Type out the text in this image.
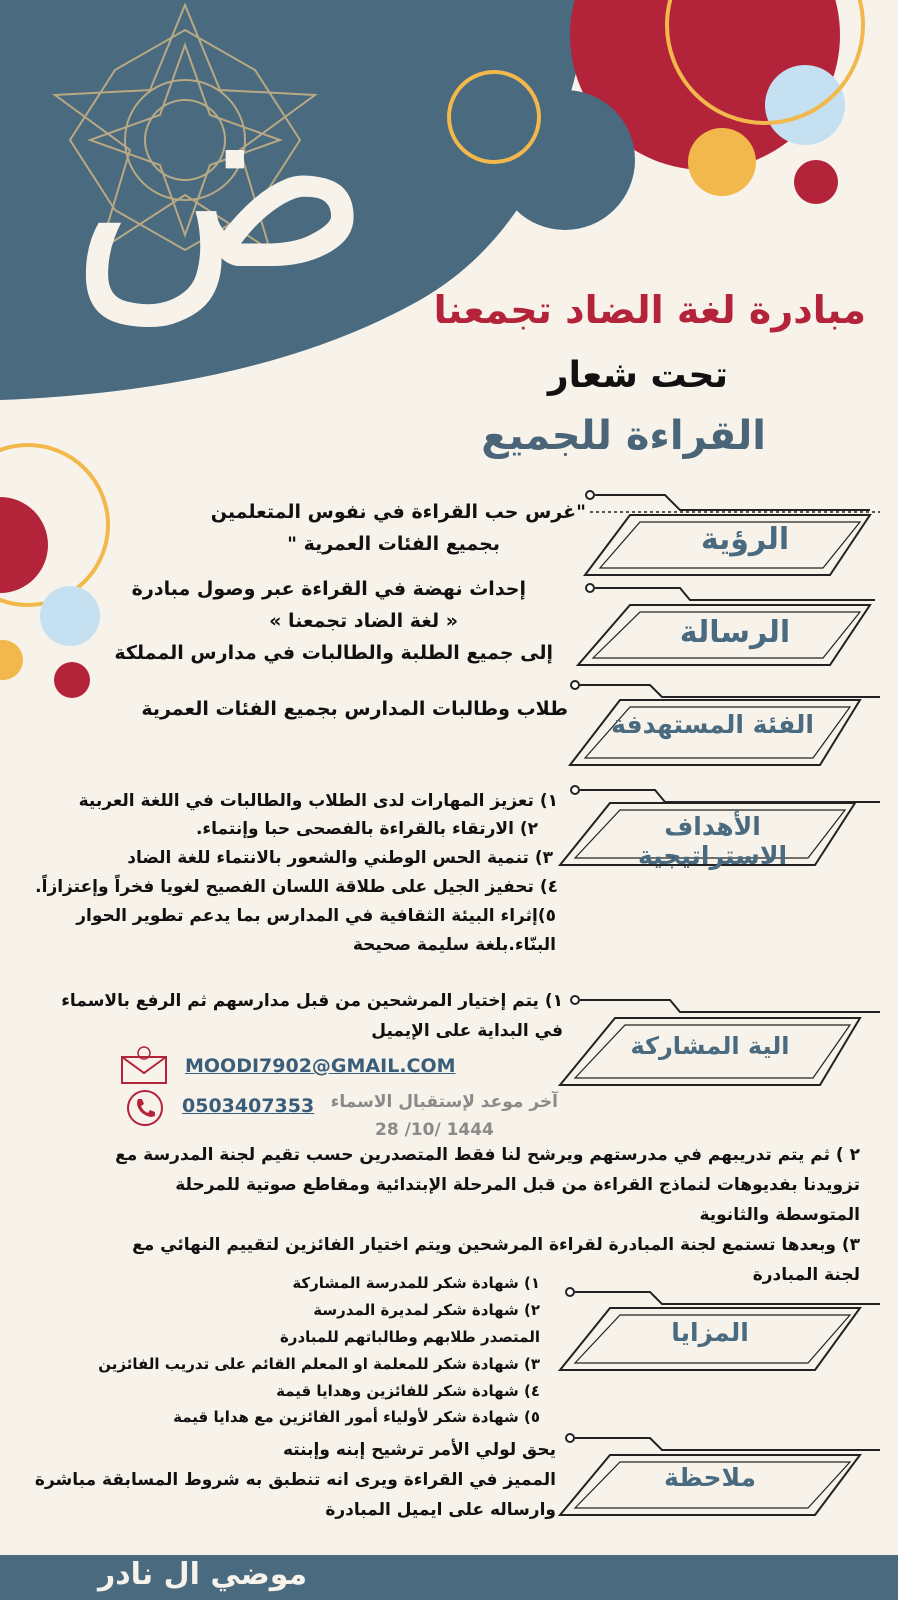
ض مبادرة لغة الضاد تجمعنا
تحت شعار
القراءة للجميع
الرؤية
الرسالة
الفئة المستهدفة
الأهداف الاستراتيجية
الية المشاركة
المزايا
ملاحظة
"غرس حب القراءة في نفوس المتعلمين
بجميع الفئات العمرية "
إحداث نهضة في القراءة عبر وصول مبادرة
« لغة الضاد تجمعنا »
إلى جميع الطلبة والطالبات في مدارس المملكة
طلاب وطالبات المدارس بجميع الفئات العمرية
١) تعزيز المهارات لدى الطلاب والطالبات في اللغة العربية
٢) الارتقاء بالقراءة بالفصحى حبا وإنتماء.
٣) تنمية الحس الوطني والشعور بالانتماء للغة الضاد
٤) تحفيز الجيل على طلاقة اللسان الفصيح لغويا فخراً وإعتزازاً.
٥)إثراء البيئة الثقافية في المدارس بما يدعم تطوير الحوار
البنّاء.بلغة سليمة صحيحة
١) يتم إختيار المرشحين من قبل مدارسهم ثم الرفع بالاسماء
في البداية على الإيميل
MOODI7902@GMAIL.COM
0503407353 آخر موعد لإستقبال الاسماء
28 /10/ 1444
٢ ) ثم يتم تدريبهم في مدرستهم ويرشح لنا فقط المتصدرين حسب تقيم لجنة المدرسة مع
تزويدنا بفديوهات لنماذج القراءة من قبل المرحلة الإبتدائية ومقاطع صوتية للمرحلة
المتوسطة والثانوية
٣) وبعدها تستمع لجنة المبادرة لقراءة المرشحين ويتم اختيار الفائزين لتقييم النهائي مع
لجنة المبادرة
١) شهادة شكر للمدرسة المشاركة
٢) شهادة شكر لمديرة المدرسة
المتصدر طلابهم وطالباتهم للمبادرة
٣) شهادة شكر للمعلمة او المعلم القائم على تدريب الفائزين
٤) شهادة شكر للفائزين وهدايا قيمة
٥) شهادة شكر لأولياء أمور الفائزين مع هدايا قيمة
يحق لولي الأمر ترشيح إبنه وإبنته
المميز في القراءة ويرى انه تنطبق به شروط المسابقة مباشرة
وارساله على ايميل المبادرة
موضي ال نادر
